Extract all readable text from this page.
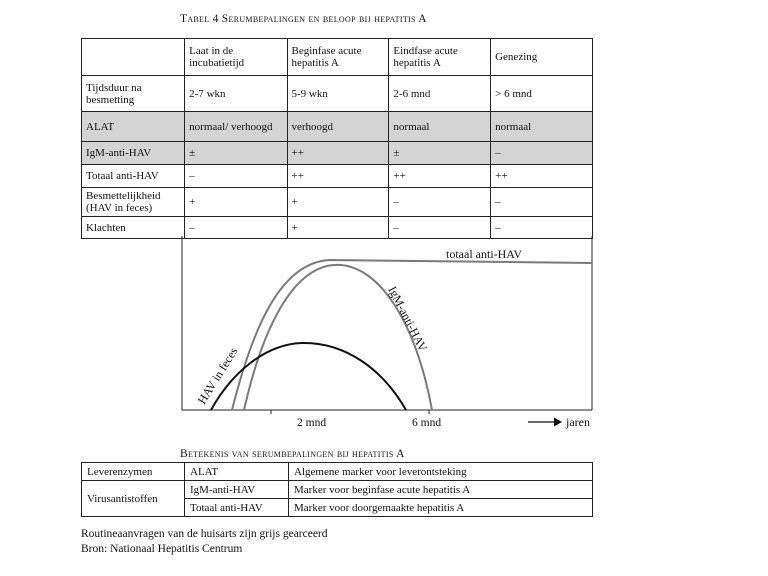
Tabel 4 Serumbepalingen en beloop bij hepatitis A
	Laat in de incubatietijd	Beginfase acute hepatitis A	Eindfase acute hepatitis A	Genezing
Tijdsduur na besmetting	2-7 wkn	5-9 wkn	2-6 mnd	> 6 mnd
ALAT	normaal/ verhoogd	verhoogd	normaal	normaal
IgM-anti-HAV	±	++	±	–
Totaal anti-HAV	–	++	++	++
Besmettelijkheid (HAV in feces)	+	+	–	–
Klachten	–	+	–	–
totaal anti-HAV
IgM-anti-HAV
HAV in feces
2 mnd	6 mnd	jaren
Betekenis van serumbepalingen bij hepatitis A
Leverenzymen	ALAT	Algemene marker voor leverontsteking
Virusantistoffen	IgM-anti-HAV	Marker voor beginfase acute hepatitis A
	Totaal anti-HAV	Marker voor doorgemaakte hepatitis A
Routineaanvragen van de huisarts zijn grijs gearceerd
Bron: Nationaal Hepatitis Centrum
